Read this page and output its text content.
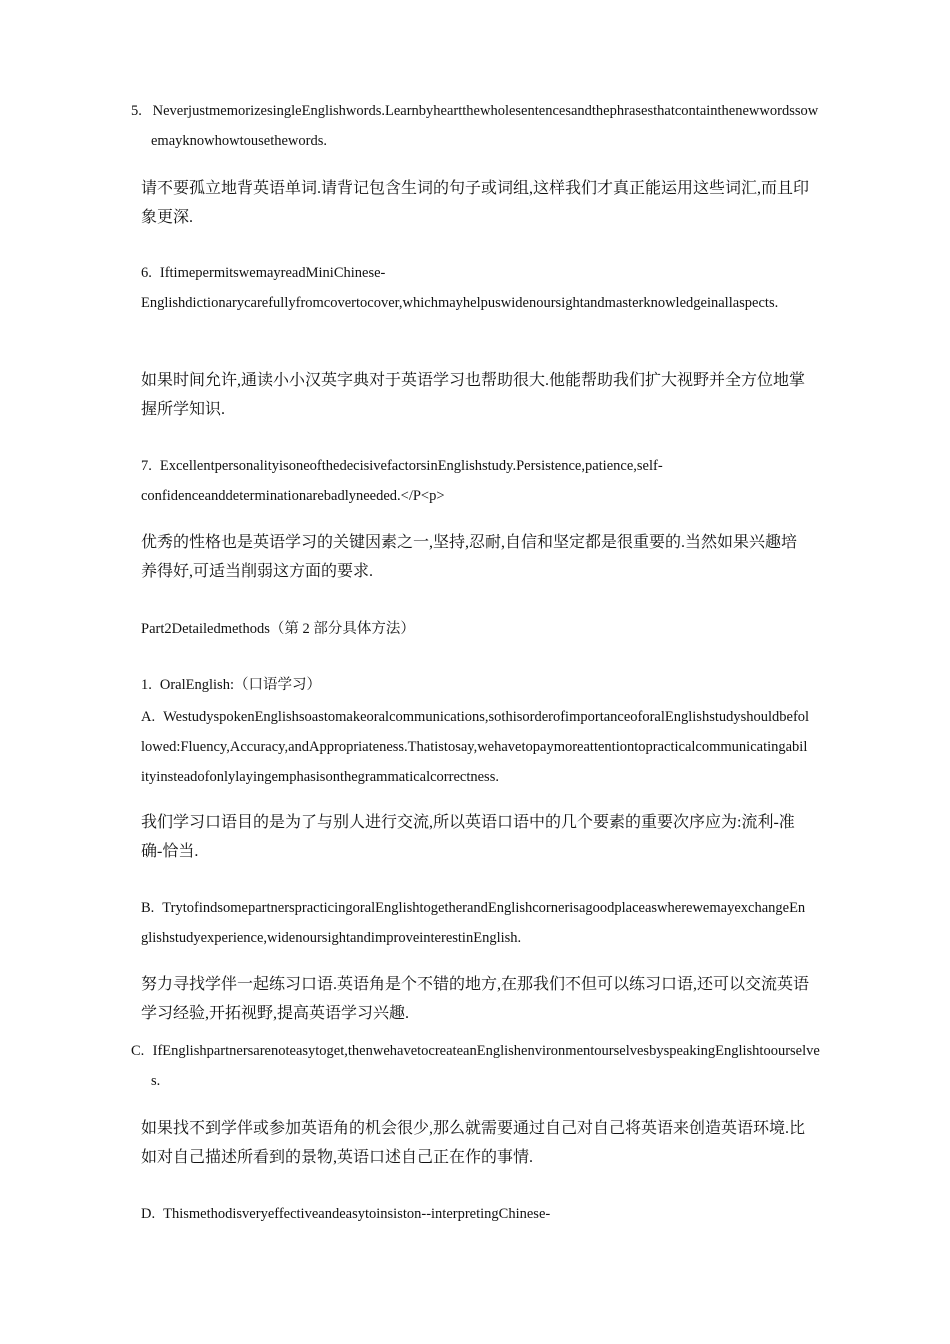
5. NeverjustmemorizesingleEnglishwords.Learnbyheartthewholesentencesandthephrasesthatcontainthenewwordssowemayknowhowtousethewords.

请不要孤立地背英语单词.请背记包含生词的句子或词组,这样我们才真正能运用这些词汇,而且印象更深.

6. IftimepermitswemayreadMiniChinese-
Englishdictionarycarefullyfromcovertocover,whichmayhelpuswidenoursightandmasterknowledgeinallaspects.

如果时间允许,通读小小汉英字典对于英语学习也帮助很大.他能帮助我们扩大视野并全方位地掌握所学知识.

7. ExcellentpersonalityisoneofthedecisivefactorsinEnglishstudy.Persistence,patience,self-
confidenceanddeterminationarebadlyneeded.</P<p>

优秀的性格也是英语学习的关键因素之一,坚持,忍耐,自信和坚定都是很重要的.当然如果兴趣培养得好,可适当削弱这方面的要求.

Part2Detailedmethods（第 2 部分具体方法）

1. OralEnglish:（口语学习）

A. WestudyspokenEnglishsoastomakeoralcommunications,sothisorderofimportanceoforalEnglishstudyshouldbefollowed:Fluency,Accuracy,andAppropriateness.Thatistosay,wehavetopaymoreattentiontopracticalcommunicatingabilityinsteadofonlylayingemphasisonthegrammaticalcorrectness.

我们学习口语目的是为了与别人进行交流,所以英语口语中的几个要素的重要次序应为:流利-准确-恰当.

B. TrytofindsomepartnerspracticingoralEnglishtogetherandEnglishcornerisagoodplaceaswherewemayexchangeEnglishstudyexperience,widenoursightandimproveinterestinEnglish.

努力寻找学伴一起练习口语.英语角是个不错的地方,在那我们不但可以练习口语,还可以交流英语学习经验,开拓视野,提高英语学习兴趣.

C. IfEnglishpartnersarenoteasytoget,thenwehavetocreateanEnglishenvironmentourselvesbyspeakingEnglishtoourselves.

如果找不到学伴或参加英语角的机会很少,那么就需要通过自己对自己将英语来创造英语环境.比如对自己描述所看到的景物,英语口述自己正在作的事情.

D. Thismethodisveryeffectiveandeasytoinsiston--interpretingChinese-
